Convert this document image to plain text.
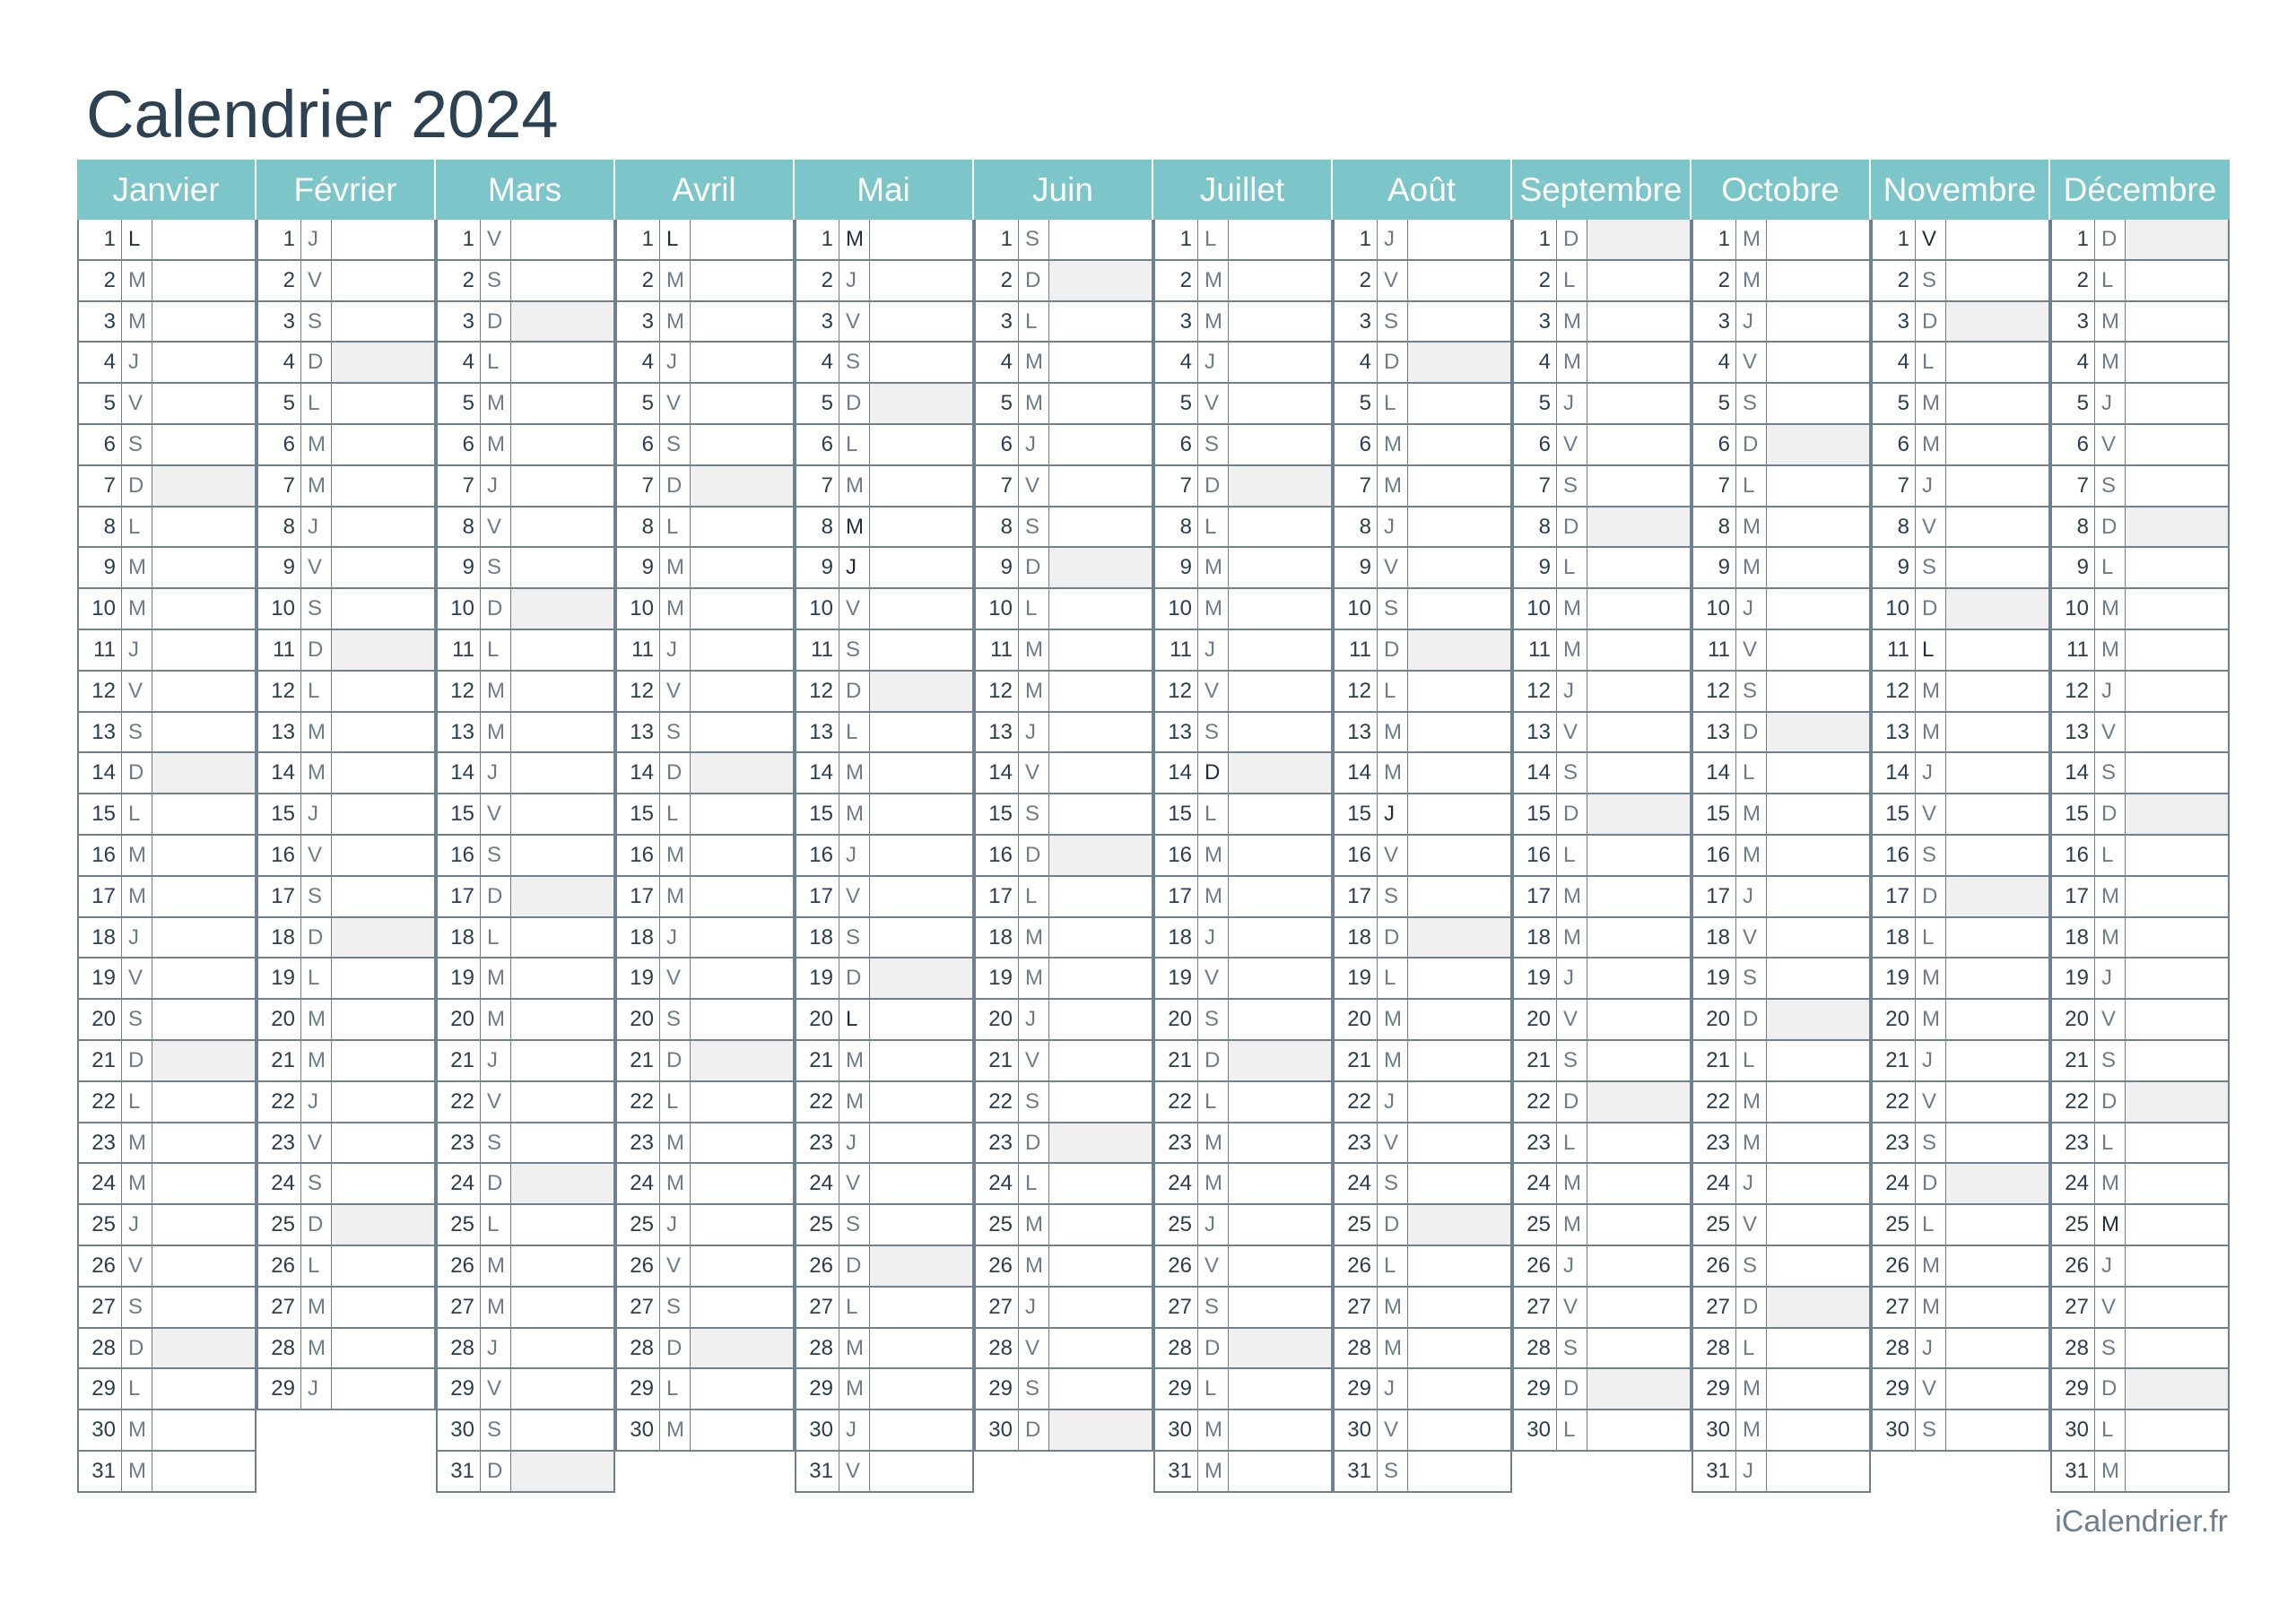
Calendrier 2024
Janvier
1 L
2 M
3 M
4 J
5 V
6 S
7 D
8 L
9 M
10 M
11 J
12 V
13 S
14 D
15 L
16 M
17 M
18 J
19 V
20 S
21 D
22 L
23 M
24 M
25 J
26 V
27 S
28 D
29 L
30 M
31 M
Février
1 J
2 V
3 S
4 D
5 L
6 M
7 M
8 J
9 V
10 S
11 D
12 L
13 M
14 M
15 J
16 V
17 S
18 D
19 L
20 M
21 M
22 J
23 V
24 S
25 D
26 L
27 M
28 M
29 J
Mars
1 V
2 S
3 D
4 L
5 M
6 M
7 J
8 V
9 S
10 D
11 L
12 M
13 M
14 J
15 V
16 S
17 D
18 L
19 M
20 M
21 J
22 V
23 S
24 D
25 L
26 M
27 M
28 J
29 V
30 S
31 D
Avril
1 L
2 M
3 M
4 J
5 V
6 S
7 D
8 L
9 M
10 M
11 J
12 V
13 S
14 D
15 L
16 M
17 M
18 J
19 V
20 S
21 D
22 L
23 M
24 M
25 J
26 V
27 S
28 D
29 L
30 M
Mai
1 M
2 J
3 V
4 S
5 D
6 L
7 M
8 M
9 J
10 V
11 S
12 D
13 L
14 M
15 M
16 J
17 V
18 S
19 D
20 L
21 M
22 M
23 J
24 V
25 S
26 D
27 L
28 M
29 M
30 J
31 V
Juin
1 S
2 D
3 L
4 M
5 M
6 J
7 V
8 S
9 D
10 L
11 M
12 M
13 J
14 V
15 S
16 D
17 L
18 M
19 M
20 J
21 V
22 S
23 D
24 L
25 M
26 M
27 J
28 V
29 S
30 D
Juillet
1 L
2 M
3 M
4 J
5 V
6 S
7 D
8 L
9 M
10 M
11 J
12 V
13 S
14 D
15 L
16 M
17 M
18 J
19 V
20 S
21 D
22 L
23 M
24 M
25 J
26 V
27 S
28 D
29 L
30 M
31 M
Août
1 J
2 V
3 S
4 D
5 L
6 M
7 M
8 J
9 V
10 S
11 D
12 L
13 M
14 M
15 J
16 V
17 S
18 D
19 L
20 M
21 M
22 J
23 V
24 S
25 D
26 L
27 M
28 M
29 J
30 V
31 S
Septembre
1 D
2 L
3 M
4 M
5 J
6 V
7 S
8 D
9 L
10 M
11 M
12 J
13 V
14 S
15 D
16 L
17 M
18 M
19 J
20 V
21 S
22 D
23 L
24 M
25 M
26 J
27 V
28 S
29 D
30 L
Octobre
1 M
2 M
3 J
4 V
5 S
6 D
7 L
8 M
9 M
10 J
11 V
12 S
13 D
14 L
15 M
16 M
17 J
18 V
19 S
20 D
21 L
22 M
23 M
24 J
25 V
26 S
27 D
28 L
29 M
30 M
31 J
Novembre
1 V
2 S
3 D
4 L
5 M
6 M
7 J
8 V
9 S
10 D
11 L
12 M
13 M
14 J
15 V
16 S
17 D
18 L
19 M
20 M
21 J
22 V
23 S
24 D
25 L
26 M
27 M
28 J
29 V
30 S
Décembre
1 D
2 L
3 M
4 M
5 J
6 V
7 S
8 D
9 L
10 M
11 M
12 J
13 V
14 S
15 D
16 L
17 M
18 M
19 J
20 V
21 S
22 D
23 L
24 M
25 M
26 J
27 V
28 S
29 D
30 L
31 M
iCalendrier.fr
